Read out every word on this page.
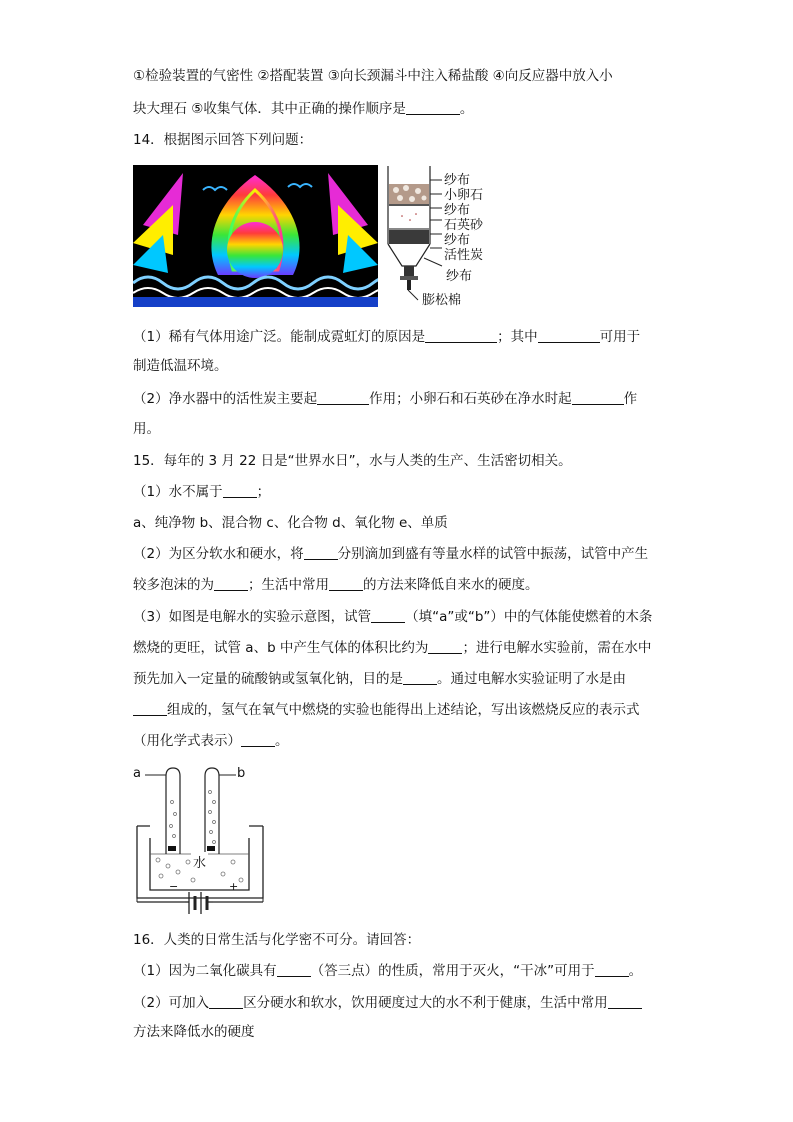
①检验装置的气密性 ②搭配装置 ③向长颈漏斗中注入稀盐酸 ④向反应器中放入小
块大理石 ⑤收集气体．其中正确的操作顺序是	。
14．根据图示回答下列问题：
纱布
小卵石
纱布
石英砂
纱布
活性炭
纱布
膨松棉
（1）稀有气体用途广泛。能制成霓虹灯的原因是	；其中	可用于
制造低温环境。
（2）净水器中的活性炭主要起	作用；小卵石和石英砂在净水时起	作
用。
15．每年的 3 月 22 日是“世界水日”，水与人类的生产、生活密切相关。
（1）水不属于	；
a、纯净物 b、混合物 c、化合物 d、氧化物 e、单质
（2）为区分软水和硬水，将	分别滴加到盛有等量水样的试管中振荡，试管中产生
较多泡沫的为	；生活中常用	的方法来降低自来水的硬度。
（3）如图是电解水的实验示意图，试管	（填“a”或“b”）中的气体能使燃着的木条
燃烧的更旺，试管 a、b 中产生气体的体积比约为	；进行电解水实验前，需在水中
预先加入一定量的硫酸钠或氢氧化钠，目的是	。通过电解水实验证明了水是由
组成的，氢气在氧气中燃烧的实验也能得出上述结论，写出该燃烧反应的表示式
（用化学式表示）	。
a	b
水
−	+
16．人类的日常生活与化学密不可分。请回答：
（1）因为二氧化碳具有	（答三点）的性质，常用于灭火，“干冰”可用于	。
（2）可加入	区分硬水和软水，饮用硬度过大的水不利于健康，生活中常用
方法来降低水的硬度
